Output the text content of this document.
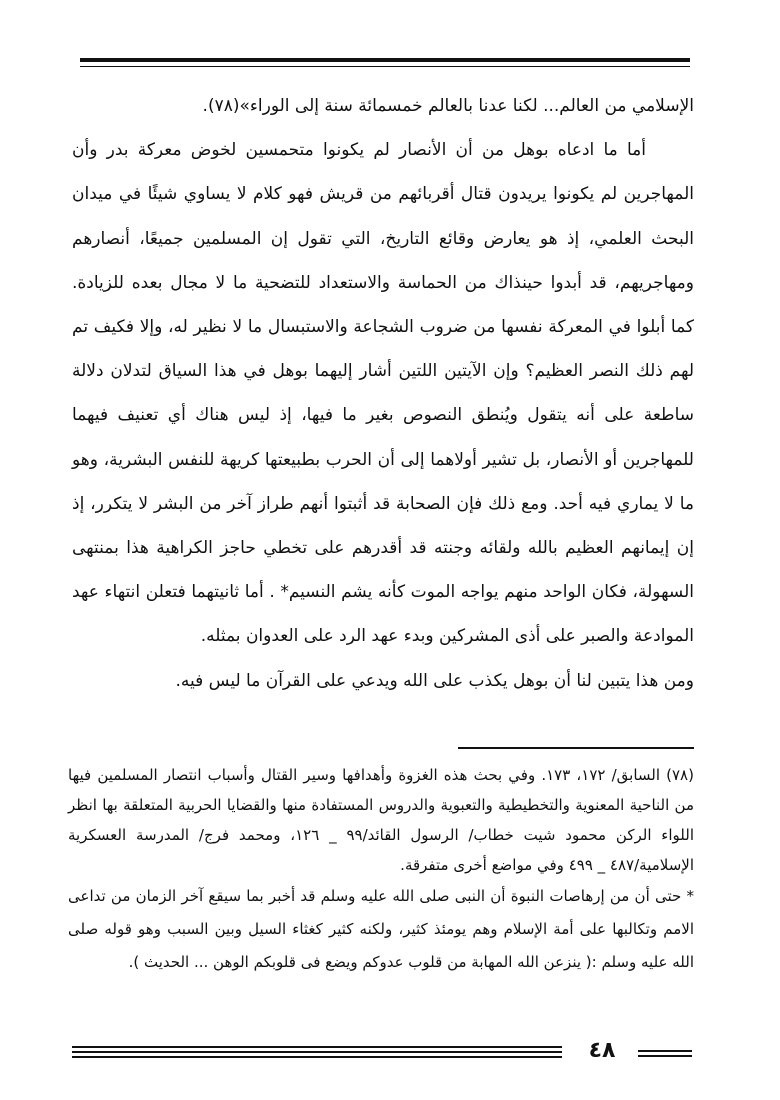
الإسلامي من العالم... لكنا عدنا بالعالم خمسمائة سنة إلى الوراء»(٧٨).

أما ما ادعاه بوهل من أن الأنصار لم يكونوا متحمسين لخوض معركة بدر وأن المهاجرين لم يكونوا يريدون قتال أقربائهم من قريش فهو كلام لا يساوي شيئًا في ميدان البحث العلمي، إذ هو يعارض وقائع التاريخ، التي تقول إن المسلمين جميعًا، أنصارهم ومهاجريهم، قد أبدوا حينذاك من الحماسة والاستعداد للتضحية ما لا مجال بعده للزيادة. كما أبلوا في المعركة نفسها من ضروب الشجاعة والاستبسال ما لا نظير له، وإلا فكيف تم لهم ذلك النصر العظيم؟ وإن الآيتين اللتين أشار إليهما بوهل في هذا السياق لتدلان دلالة ساطعة على أنه يتقول ويُنطق النصوص بغير ما فيها، إذ ليس هناك أي تعنيف فيهما للمهاجرين أو الأنصار، بل تشير أولاهما إلى أن الحرب بطبيعتها كريهة للنفس البشرية، وهو ما لا يماري فيه أحد. ومع ذلك فإن الصحابة قد أثبتوا أنهم طراز آخر من البشر لا يتكرر، إذ إن إيمانهم العظيم بالله ولقائه وجنته قد أقدرهم على تخطي حاجز الكراهية هذا بمنتهى السهولة، فكان الواحد منهم يواجه الموت كأنه يشم النسيم* . أما ثانيتهما فتعلن انتهاء عهد الموادعة والصبر على أذى المشركين وبدء عهد الرد على العدوان بمثله.

ومن هذا يتبين لنا أن بوهل يكذب على الله ويدعي على القرآن ما ليس فيه.

(٧٨) السابق/ ١٧٢، ١٧٣. وفي بحث هذه الغزوة وأهدافها وسير القتال وأسباب انتصار المسلمين فيها من الناحية المعنوية والتخطيطية والتعبوية والدروس المستفادة منها والقضايا الحربية المتعلقة بها انظر اللواء الركن محمود شيت خطاب/ الرسول القائد/٩٩ _ ١٢٦، ومحمد فرج/ المدرسة العسكرية الإسلامية/٤٨٧ _ ٤٩٩ وفي مواضع أخرى متفرقة.

* حتى أن من إرهاصات النبوة أن النبى صلى الله عليه وسلم قد أخبر بما سيقع آخر الزمان من تداعى الامم وتكالبها على أمة الإسلام وهم يومئذ كثير، ولكنه كثير كغثاء السيل وبين السبب وهو قوله صلى الله عليه وسلم :( ينزعن الله المهابة من قلوب عدوكم ويضع فى قلوبكم الوهن ... الحديث ).

٤٨
